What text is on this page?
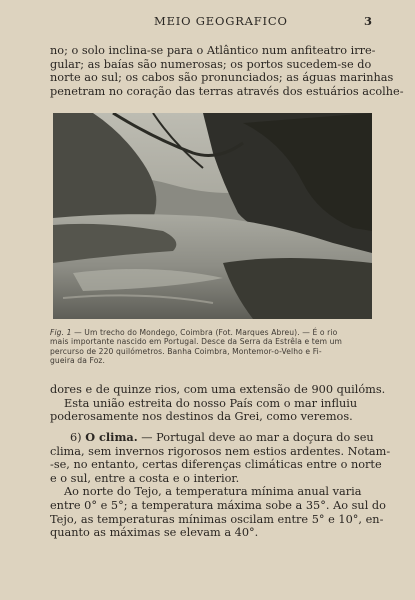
MEIO GEOGRAFICO	3

no; o solo inclina-se para o Atlântico num anfiteatro irre-
gular; as baías são numerosas; os portos sucedem-se do
norte ao sul; os cabos são pronunciados; as águas marinhas
penetram no coração das terras através dos estuários acolhe-

Fig. 1 — Um trecho do Mondego, Coimbra (Fot. Marques Abreu). — É o rio
mais importante nascido em Portugal. Desce da Serra da Estrêla e tem um
percurso de 220 quilómetros. Banha Coimbra, Montemor-o-Velho e Fi-
gueira da Foz.

dores e de quinze rios, com uma extensão de 900 quilóms.
Esta união estreita do nosso País com o mar influiu
poderosamente nos destinos da Grei, como veremos.

6) O clima. — Portugal deve ao mar a doçura do seu
clima, sem invernos rigorosos nem estios ardentes. Notam-
-se, no entanto, certas diferenças climáticas entre o norte
e o sul, entre a costa e o interior.
Ao norte do Tejo, a temperatura mínima anual varia
entre 0° e 5°; a temperatura máxima sobe a 35°. Ao sul do
Tejo, as temperaturas mínimas oscilam entre 5° e 10°, en-
quanto as máximas se elevam a 40°.
